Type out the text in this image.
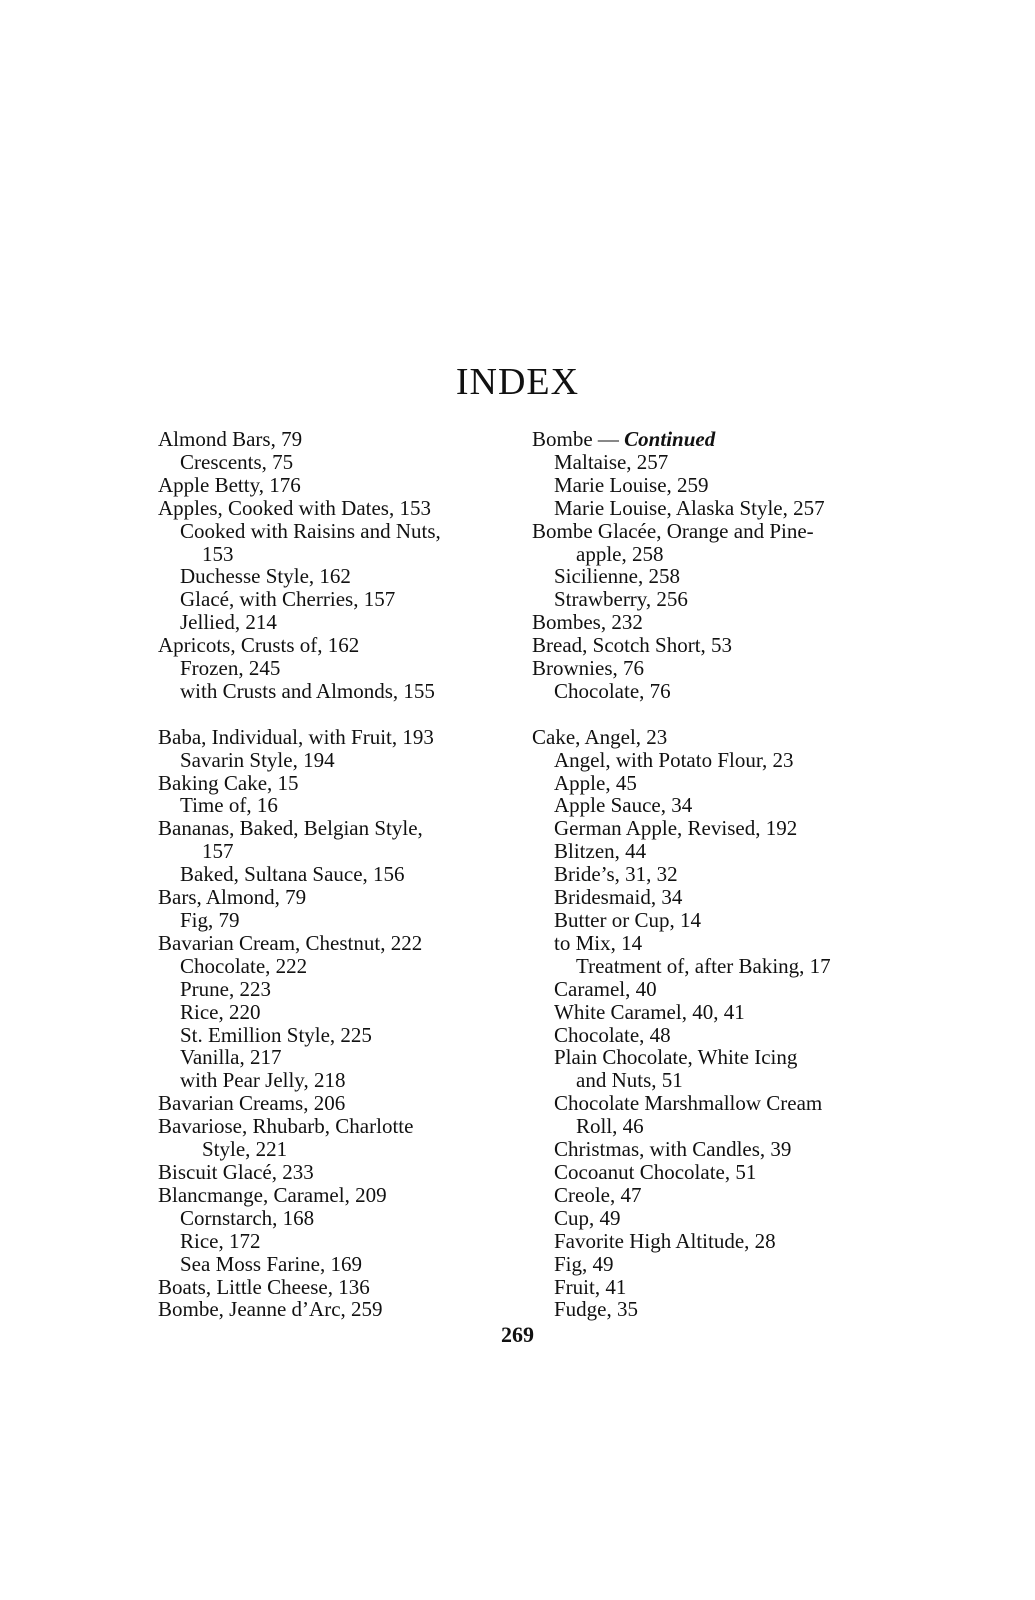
INDEX
Almond Bars, 79
Crescents, 75
Apple Betty, 176
Apples, Cooked with Dates, 153
Cooked with Raisins and Nuts,
153
Duchesse Style, 162
Glacé, with Cherries, 157
Jellied, 214
Apricots, Crusts of, 162
Frozen, 245
with Crusts and Almonds, 155
Baba, Individual, with Fruit, 193
Savarin Style, 194
Baking Cake, 15
Time of, 16
Bananas, Baked, Belgian Style,
157
Baked, Sultana Sauce, 156
Bars, Almond, 79
Fig, 79
Bavarian Cream, Chestnut, 222
Chocolate, 222
Prune, 223
Rice, 220
St. Emillion Style, 225
Vanilla, 217
with Pear Jelly, 218
Bavarian Creams, 206
Bavariose, Rhubarb, Charlotte
Style, 221
Biscuit Glacé, 233
Blancmange, Caramel, 209
Cornstarch, 168
Rice, 172
Sea Moss Farine, 169
Boats, Little Cheese, 136
Bombe, Jeanne d’Arc, 259
Bombe — Continued
Maltaise, 257
Marie Louise, 259
Marie Louise, Alaska Style, 257
Bombe Glacée, Orange and Pine-
apple, 258
Sicilienne, 258
Strawberry, 256
Bombes, 232
Bread, Scotch Short, 53
Brownies, 76
Chocolate, 76
Cake, Angel, 23
Angel, with Potato Flour, 23
Apple, 45
Apple Sauce, 34
German Apple, Revised, 192
Blitzen, 44
Bride’s, 31, 32
Bridesmaid, 34
Butter or Cup, 14
to Mix, 14
Treatment of, after Baking, 17
Caramel, 40
White Caramel, 40, 41
Chocolate, 48
Plain Chocolate, White Icing
and Nuts, 51
Chocolate Marshmallow Cream
Roll, 46
Christmas, with Candles, 39
Cocoanut Chocolate, 51
Creole, 47
Cup, 49
Favorite High Altitude, 28
Fig, 49
Fruit, 41
Fudge, 35
269
